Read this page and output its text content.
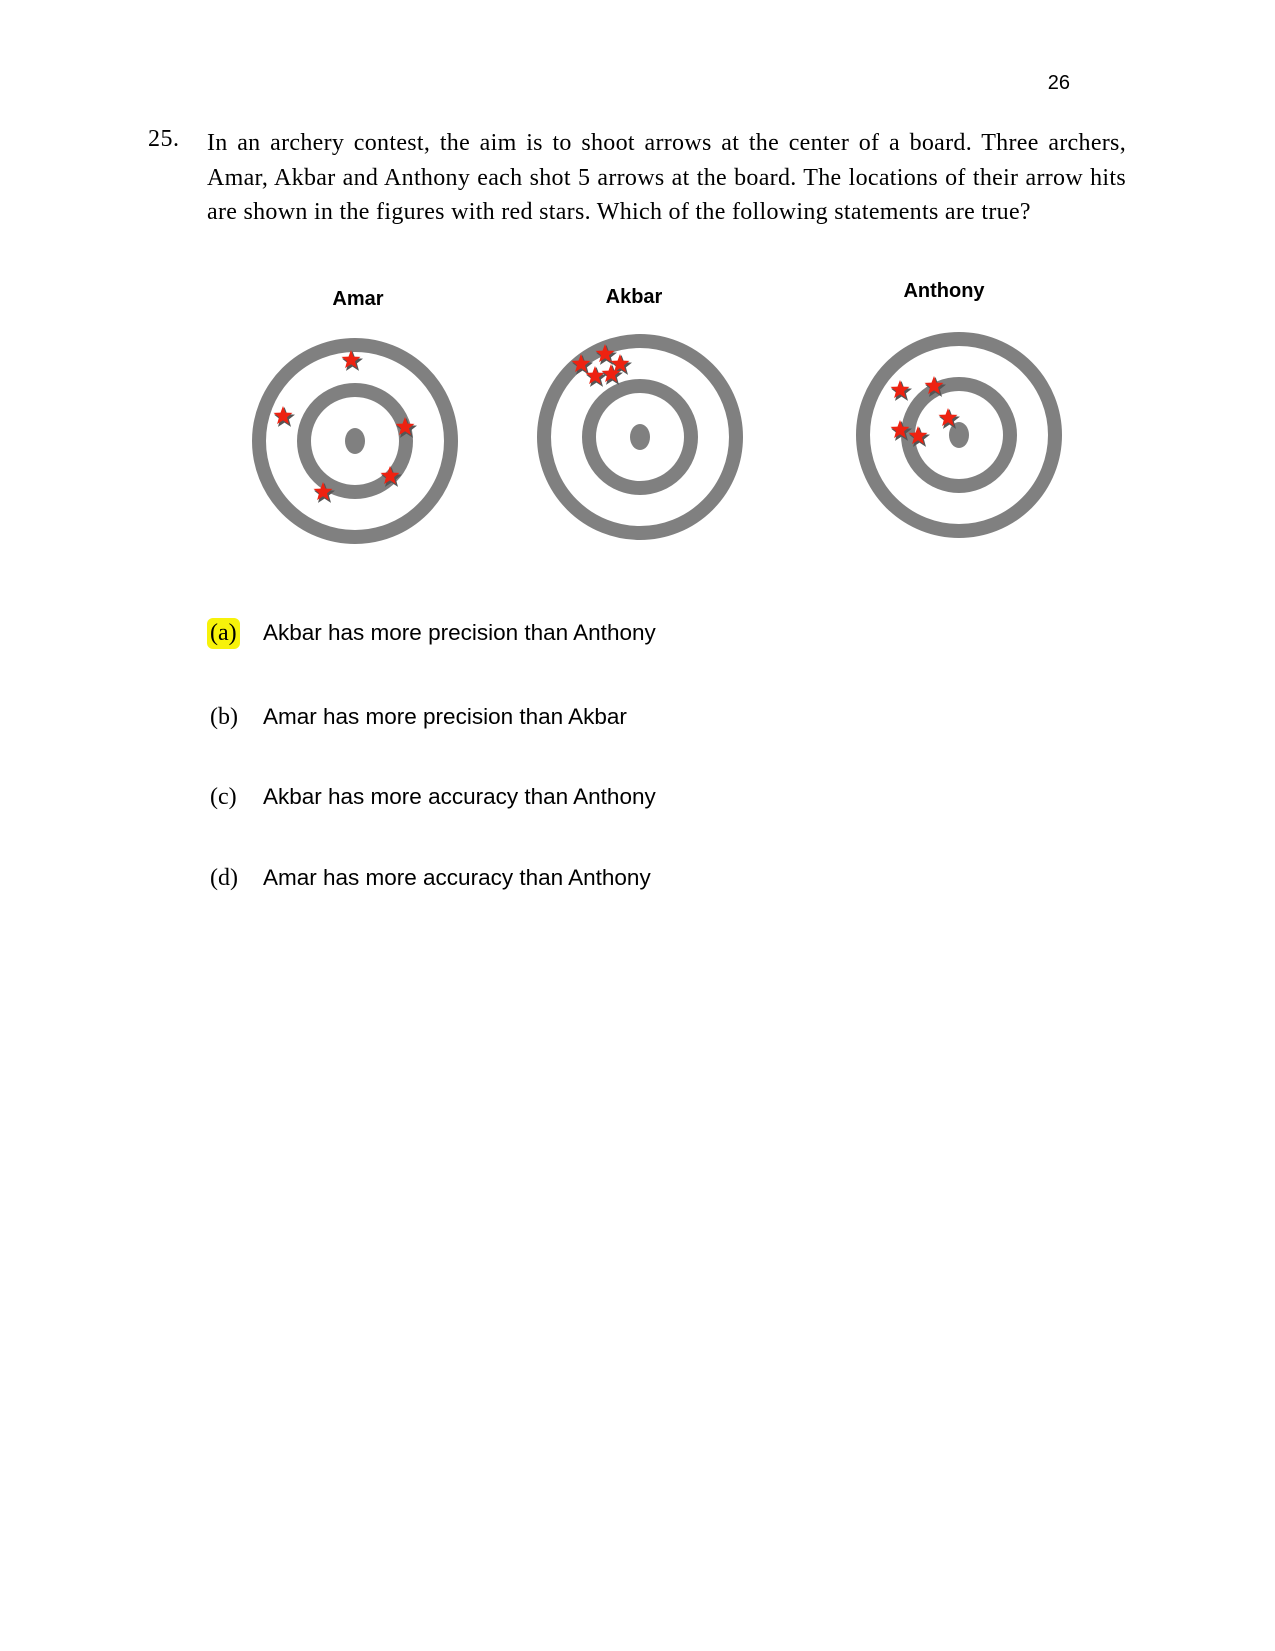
26
25. In an archery contest, the aim is to shoot arrows at the center of a board. Three archers, Amar, Akbar and Anthony each shot 5 arrows at the board. The locations of their arrow hits are shown in the figures with red stars. Which of the following statements are true?
Amar	Akbar	Anthony
(a) Akbar has more precision than Anthony
(b) Amar has more precision than Akbar
(c) Akbar has more accuracy than Anthony
(d) Amar has more accuracy than Anthony
